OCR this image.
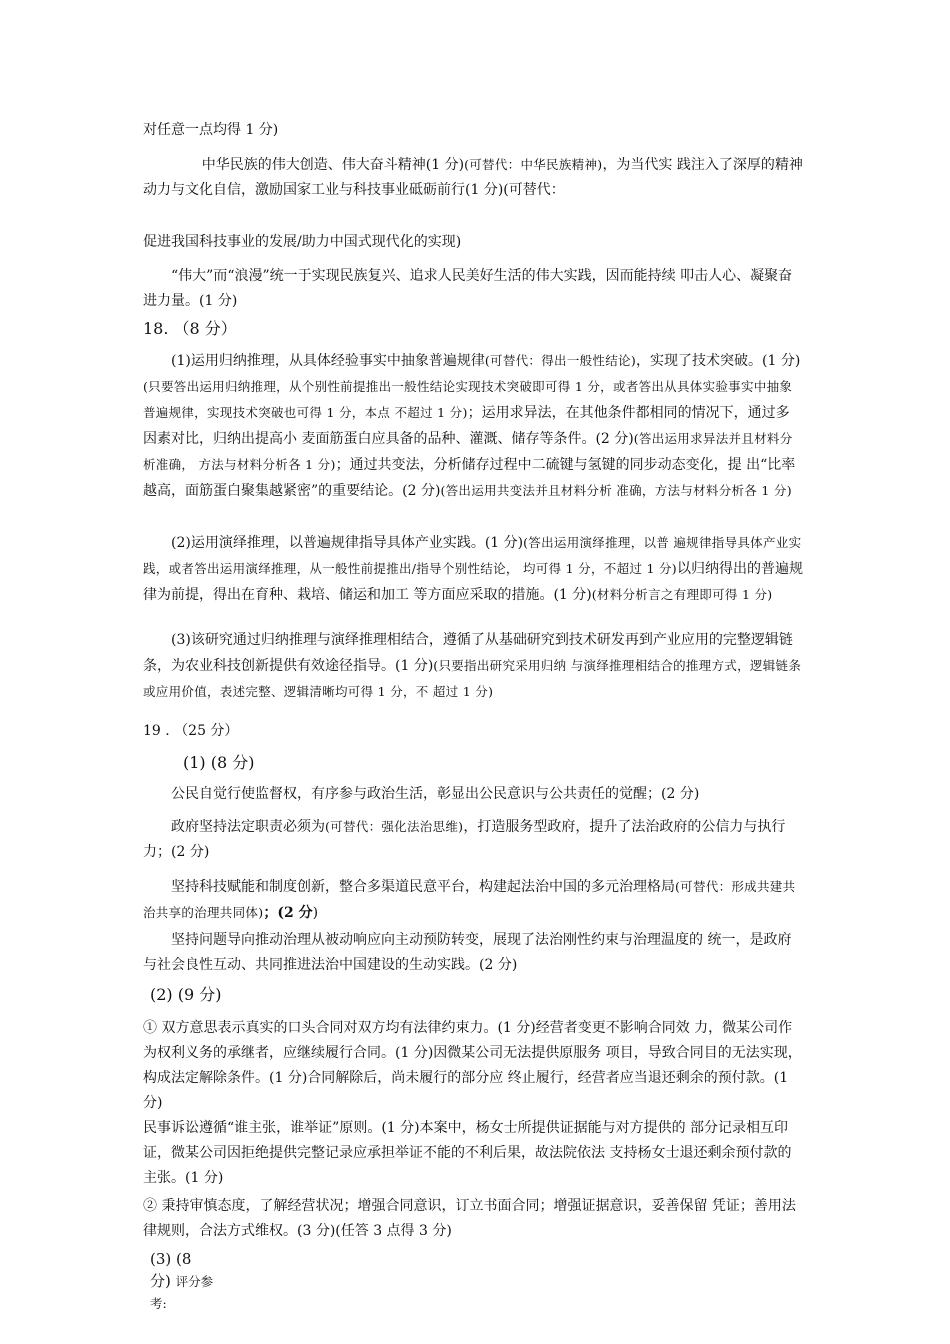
对任意一点均得 1 分)

中华民族的伟大创造、伟大奋斗精神(1 分)(可替代：中华民族精神)，为当代实 践注入了深厚的精神动力与文化自信，激励国家工业与科技事业砥砺前行(1 分)(可替代：

促进我国科技事业的发展/助力中国式现代化的实现)

“伟大”而“浪漫”统一于实现民族复兴、追求人民美好生活的伟大实践，因而能持续 叩击人心、凝聚奋进力量。(1 分)

18. （8 分）

(1)运用归纳推理，从具体经验事实中抽象普遍规律(可替代：得出一般性结论)，实现了技术突破。(1 分)(只要答出运用归纳推理，从个别性前提推出一般性结论实现技术突破即可得 1 分，或者答出从具体实验事实中抽象普遍规律，实现技术突破也可得 1 分，本点 不超过 1 分)；运用求异法，在其他条件都相同的情况下，通过多因素对比，归纳出提高小 麦面筋蛋白应具备的品种、灌溉、储存等条件。(2 分)(答出运用求异法并且材料分析准确， 方法与材料分析各 1 分)；通过共变法，分析储存过程中二硫键与氢键的同步动态变化，提 出“比率越高，面筋蛋白聚集越紧密”的重要结论。(2 分)(答出运用共变法并且材料分析 准确，方法与材料分析各 1 分)

(2)运用演绎推理，以普遍规律指导具体产业实践。(1 分)(答出运用演绎推理，以普 遍规律指导具体产业实践，或者答出运用演绎推理，从一般性前提推出/指导个别性结论， 均可得 1 分，不超过 1 分)以归纳得出的普遍规律为前提，得出在育种、栽培、储运和加工 等方面应采取的措施。(1 分)(材料分析言之有理即可得 1 分)

(3)该研究通过归纳推理与演绎推理相结合，遵循了从基础研究到技术研发再到产业应用的完整逻辑链条，为农业科技创新提供有效途径指导。(1 分)(只要指出研究采用归纳 与演绎推理相结合的推理方式，逻辑链条或应用价值，表述完整、逻辑清晰均可得 1 分，不 超过 1 分)

19 . （25 分）

(1) (8 分)

公民自觉行使监督权，有序参与政治生活，彰显出公民意识与公共责任的觉醒；(2 分)

政府坚持法定职责必须为(可替代：强化法治思维)，打造服务型政府，提升了法治政府的公信力与执行力；(2 分)

坚持科技赋能和制度创新，整合多渠道民意平台，构建起法治中国的多元治理格局(可替代：形成共建共治共享的治理共同体)；(2 分)

坚持问题导向推动治理从被动响应向主动预防转变，展现了法治刚性约束与治理温度的 统一，是政府与社会良性互动、共同推进法治中国建设的生动实践。(2 分)

(2) (9 分)

① 双方意思表示真实的口头合同对双方均有法律约束力。(1 分)经营者变更不影响合同效 力，微某公司作为权利义务的承继者，应继续履行合同。(1 分)因微某公司无法提供原服务 项目，导致合同目的无法实现，构成法定解除条件。(1 分)合同解除后，尚未履行的部分应 终止履行，经营者应当退还剩余的预付款。(1 分)

民事诉讼遵循“谁主张，谁举证”原则。(1 分)本案中，杨女士所提供证据能与对方提供的 部分记录相互印证，微某公司因拒绝提供完整记录应承担举证不能的不利后果，故法院依法 支持杨女士退还剩余预付款的主张。(1 分)

② 秉持审慎态度，了解经营状况；增强合同意识，订立书面合同；增强证据意识，妥善保留 凭证；善用法律规则，合法方式维权。(3 分)(任答 3 点得 3 分)

(3) (8
分) 评分参
考:
